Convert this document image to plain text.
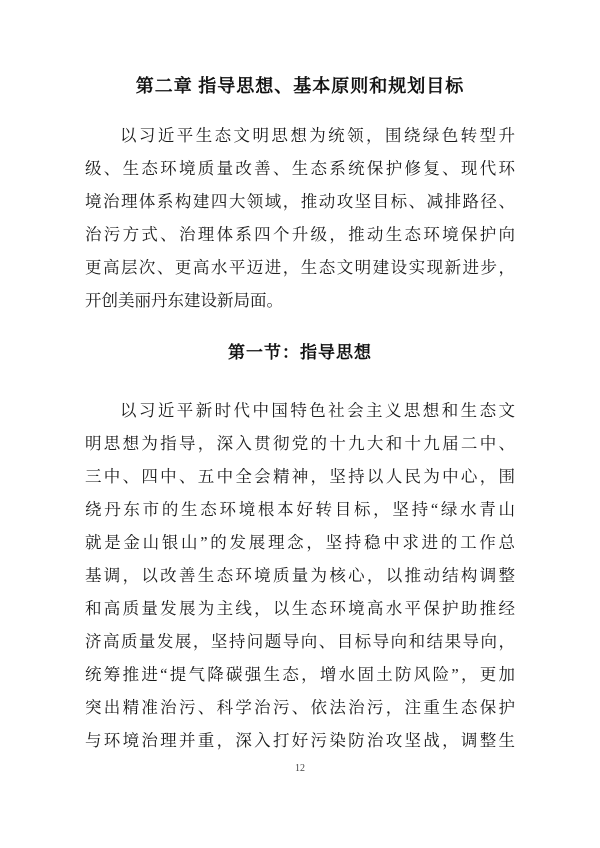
第二章 指导思想、基本原则和规划目标
以习近平生态文明思想为统领，围绕绿色转型升
级、生态环境质量改善、生态系统保护修复、现代环
境治理体系构建四大领域，推动攻坚目标、减排路径、
治污方式、治理体系四个升级，推动生态环境保护向
更高层次、更高水平迈进，生态文明建设实现新进步，
开创美丽丹东建设新局面。
第一节：指导思想
以习近平新时代中国特色社会主义思想和生态文
明思想为指导，深入贯彻党的十九大和十九届二中、
三中、四中、五中全会精神，坚持以人民为中心，围
绕丹东市的生态环境根本好转目标，坚持“绿水青山
就是金山银山”的发展理念，坚持稳中求进的工作总
基调，以改善生态环境质量为核心，以推动结构调整
和高质量发展为主线，以生态环境高水平保护助推经
济高质量发展，坚持问题导向、目标导向和结果导向，
统筹推进“提气降碳强生态，增水固土防风险”，更加
突出精准治污、科学治污、依法治污，注重生态保护
与环境治理并重，深入打好污染防治攻坚战，调整生
12
